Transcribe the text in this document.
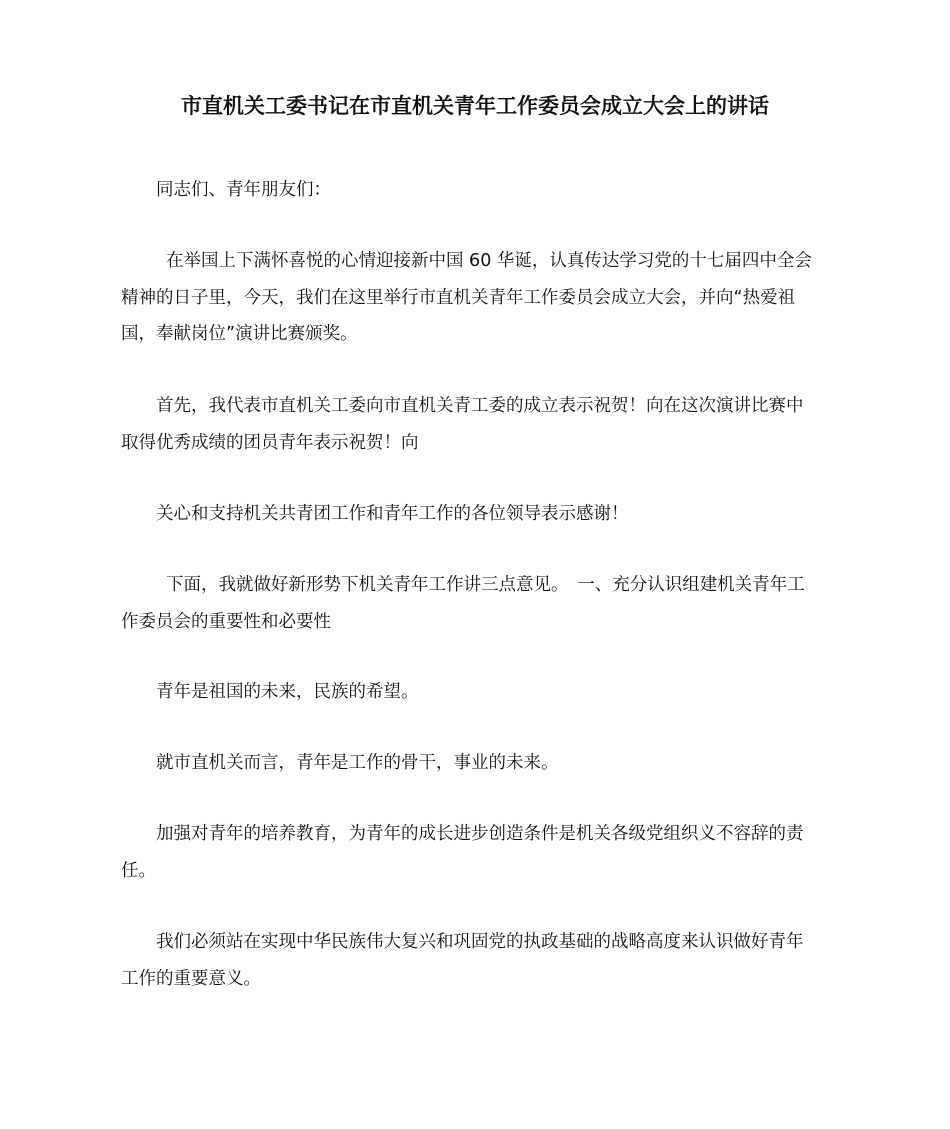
市直机关工委书记在市直机关青年工作委员会成立大会上的讲话

同志们、青年朋友们：

在举国上下满怀喜悦的心情迎接新中国 60 华诞，认真传达学习党的十七届四中全会
精神的日子里，今天，我们在这里举行市直机关青年工作委员会成立大会，并向“热爱祖
国，奉献岗位”演讲比赛颁奖。

首先，我代表市直机关工委向市直机关青工委的成立表示祝贺！向在这次演讲比赛中
取得优秀成绩的团员青年表示祝贺！向

关心和支持机关共青团工作和青年工作的各位领导表示感谢！

下面，我就做好新形势下机关青年工作讲三点意见。　一、充分认识组建机关青年工
作委员会的重要性和必要性

青年是祖国的未来，民族的希望。

就市直机关而言，青年是工作的骨干，事业的未来。

加强对青年的培养教育，为青年的成长进步创造条件是机关各级党组织义不容辞的责
任。

我们必须站在实现中华民族伟大复兴和巩固党的执政基础的战略高度来认识做好青年
工作的重要意义。
